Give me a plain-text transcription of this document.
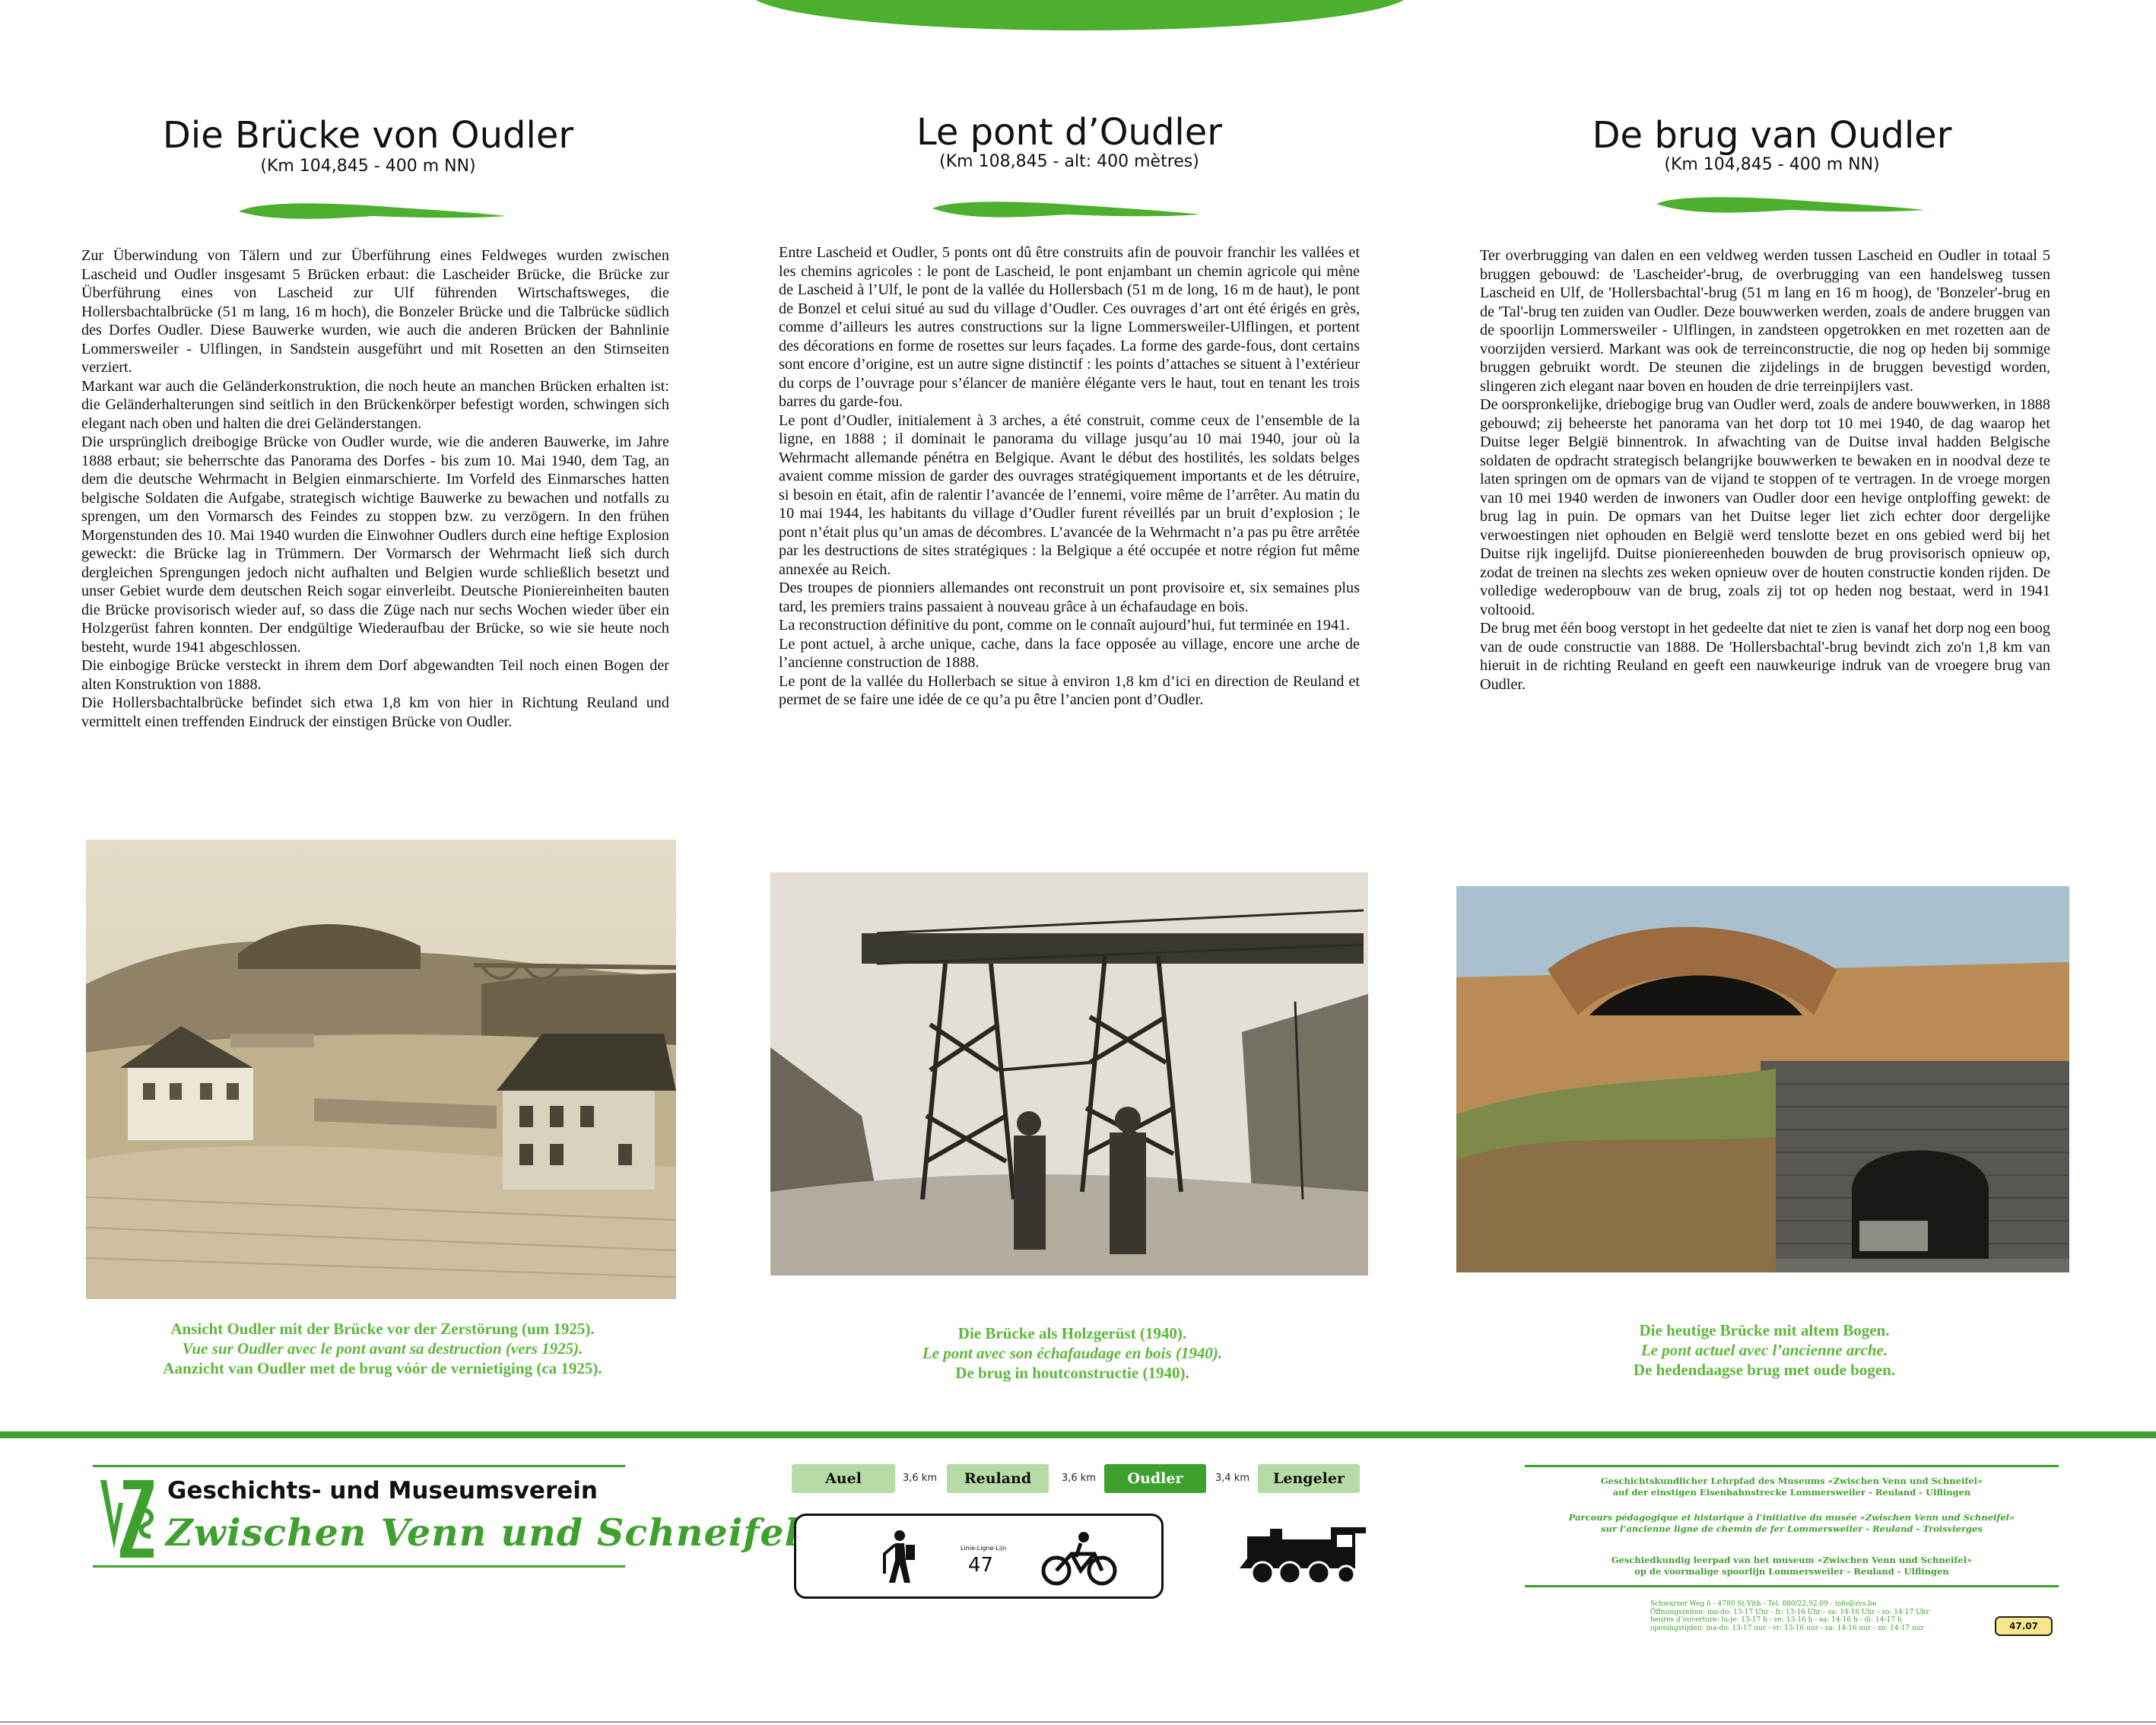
Die Brücke von Oudler
(Km 104,845 - 400 m NN)

Zur Überwindung von Tälern und zur Überführung eines Feldweges wurden zwischen Lascheid und Oudler insgesamt 5 Brücken erbaut: die Lascheider Brücke, die Brücke zur Überführung eines von Lascheid zur Ulf führenden Wirtschaftsweges, die Hollersbachtalbrücke (51 m lang, 16 m hoch), die Bonzeler Brücke und die Talbrücke südlich des Dorfes Oudler. Diese Bauwerke wurden, wie auch die anderen Brücken der Bahnlinie Lommersweiler - Ulflingen, in Sandstein ausgeführt und mit Rosetten an den Stirnseiten verziert.

Markant war auch die Geländerkonstruktion, die noch heute an manchen Brücken erhalten ist: die Geländerhalterungen sind seitlich in den Brückenkörper befestigt worden, schwingen sich elegant nach oben und halten die drei Geländerstangen.

Die ursprünglich dreibogige Brücke von Oudler wurde, wie die anderen Bauwerke, im Jahre 1888 erbaut; sie beherrschte das Panorama des Dorfes - bis zum 10. Mai 1940, dem Tag, an dem die deutsche Wehrmacht in Belgien einmarschierte. Im Vorfeld des Einmarsches hatten belgische Soldaten die Aufgabe, strategisch wichtige Bauwerke zu bewachen und notfalls zu sprengen, um den Vormarsch des Feindes zu stoppen bzw. zu verzögern. In den frühen Morgenstunden des 10. Mai 1940 wurden die Einwohner Oudlers durch eine heftige Explosion geweckt: die Brücke lag in Trümmern. Der Vormarsch der Wehrmacht ließ sich durch dergleichen Sprengungen jedoch nicht aufhalten und Belgien wurde schließlich besetzt und unser Gebiet wurde dem deutschen Reich sogar einverleibt. Deutsche Pioniereinheiten bauten die Brücke provisorisch wieder auf, so dass die Züge nach nur sechs Wochen wieder über ein Holzgerüst fahren konnten. Der endgültige Wiederaufbau der Brücke, so wie sie heute noch besteht, wurde 1941 abgeschlossen.

Die einbogige Brücke versteckt in ihrem dem Dorf abgewandten Teil noch einen Bogen der alten Konstruktion von 1888.

Die Hollersbachtalbrücke befindet sich etwa 1,8 km von hier in Richtung Reuland und vermittelt einen treffenden Eindruck der einstigen Brücke von Oudler.

Ansicht Oudler mit der Brücke vor der Zerstörung (um 1925).
Vue sur Oudler avec le pont avant sa destruction (vers 1925).
Aanzicht van Oudler met de brug vóór de vernietiging (ca 1925).
Le pont d’Oudler
(Km 108,845 - alt: 400 mètres)

Entre Lascheid et Oudler, 5 ponts ont dû être construits afin de pouvoir franchir les vallées et les chemins agricoles : le pont de Lascheid, le pont enjambant un chemin agricole qui mène de Lascheid à l’Ulf, le pont de la vallée du Hollersbach (51 m de long, 16 m de haut), le pont de Bonzel et celui situé au sud du village d’Oudler. Ces ouvrages d’art ont été érigés en grès, comme d’ailleurs les autres constructions sur la ligne Lommersweiler-Ulflingen, et portent des décorations en forme de rosettes sur leurs façades. La forme des garde-fous, dont certains sont encore d’origine, est un autre signe distinctif : les points d’attaches se situent à l’extérieur du corps de l’ouvrage pour s’élancer de manière élégante vers le haut, tout en tenant les trois barres du garde-fou.

Le pont d’Oudler, initialement à 3 arches, a été construit, comme ceux de l’ensemble de la ligne, en 1888 ; il dominait le panorama du village jusqu’au 10 mai 1940, jour où la Wehrmacht allemande pénétra en Belgique. Avant le début des hostilités, les soldats belges avaient comme mission de garder des ouvrages stratégiquement importants et de les détruire, si besoin en était, afin de ralentir l’avancée de l’ennemi, voire même de l’arrêter. Au matin du 10 mai 1944, les habitants du village d’Oudler furent réveillés par un bruit d’explosion ; le pont n’était plus qu’un amas de décombres. L’avancée de la Wehrmacht n’a pas pu être arrêtée par les destructions de sites stratégiques : la Belgique a été occupée et notre région fut même annexée au Reich.

Des troupes de pionniers allemandes ont reconstruit un pont provisoire et, six semaines plus tard, les premiers trains passaient à nouveau grâce à un échafaudage en bois.

La reconstruction définitive du pont, comme on le connaît aujourd’hui, fut terminée en 1941.

Le pont actuel, à arche unique, cache, dans la face opposée au village, encore une arche de l’ancienne construction de 1888.

Le pont de la vallée du Hollerbach se situe à environ 1,8 km d’ici en direction de Reuland et permet de se faire une idée de ce qu’a pu être l’ancien pont d’Oudler.

Die Brücke als Holzgerüst (1940).
Le pont avec son échafaudage en bois (1940).
De brug in houtconstructie (1940).
De brug van Oudler
(Km 104,845 - 400 m NN)

Ter overbrugging van dalen en een veldweg werden tussen Lascheid en Oudler in totaal 5 bruggen gebouwd: de 'Lascheider'-brug, de overbrugging van een handelsweg tussen Lascheid en Ulf, de 'Hollersbachtal'-brug (51 m lang en 16 m hoog), de 'Bonzeler'-brug en de 'Tal'-brug ten zuiden van Oudler. Deze bouwwerken werden, zoals de andere bruggen van de spoorlijn Lommersweiler - Ulflingen, in zandsteen opgetrokken en met rozetten aan de voorzijden versierd. Markant was ook de terreinconstructie, die nog op heden bij sommige bruggen gebruikt wordt. De steunen die zijdelings in de bruggen bevestigd worden, slingeren zich elegant naar boven en houden de drie terreinpijlers vast.

De oorspronkelijke, driebogige brug van Oudler werd, zoals de andere bouwwerken, in 1888 gebouwd; zij beheerste het panorama van het dorp tot 10 mei 1940, de dag waarop het Duitse leger België binnentrok. In afwachting van de Duitse inval hadden Belgische soldaten de opdracht strategisch belangrijke bouwwerken te bewaken en in noodval deze te laten springen om de opmars van de vijand te stoppen of te vertragen. In de vroege morgen van 10 mei 1940 werden de inwoners van Oudler door een hevige ontploffing gewekt: de brug lag in puin. De opmars van het Duitse leger liet zich echter door dergelijke verwoestingen niet ophouden en België werd tenslotte bezet en ons gebied werd bij het Duitse rijk ingelijfd. Duitse pioniereenheden bouwden de brug provisorisch opnieuw op, zodat de treinen na slechts zes weken opnieuw over de houten constructie konden rijden. De volledige wederopbouw van de brug, zoals zij tot op heden nog bestaat, werd in 1941 voltooid.

De brug met één boog verstopt in het gedeelte dat niet te zien is vanaf het dorp nog een boog van de oude constructie van 1888. De 'Hollersbachtal'-brug bevindt zich zo'n 1,8 km van hieruit in de richting Reuland en geeft een nauwkeurige indruk van de vroegere brug van Oudler.

Die heutige Brücke mit altem Bogen.
Le pont actuel avec l’ancienne arche.
De hedendaagse brug met oude bogen.
Geschichts- und Museumsverein
Zwischen Venn und Schneifel
Auel	3,6 km	Reuland	3,6 km	Oudler	3,4 km	Lengeler
Linie-Ligne-Lijn
47
Geschichtskundlicher Lehrpfad des Museums «Zwischen Venn und Schneifel»
auf der einstigen Eisenbahnstrecke Lommersweiler - Reuland - Ulflingen
Parcours pédagogique et historique à l’initiative du musée «Zwischen Venn und Schneifel»
sur l’ancienne ligne de chemin de fer Lommersweiler - Reuland - Troisvierges
Geschiedkundig leerpad van het museum «Zwischen Venn und Schneifel»
op de voormalige spoorlijn Lommersweiler - Reuland - Ulflingen
Schwarzer Weg 6 - 4780 St.Vith - Tel. 080/22.92.09 - info@zvs.be
Öffnungszeiten: mo-do: 13-17 Uhr - fr: 13-16 Uhr - sa: 14-16 Uhr - so: 14-17 Uhr
heures d’ouverture: lu-je: 13-17 h - ve: 13-16 h - sa: 14-16 h - di: 14-17 h
openingstijden: ma-do: 13-17 uur - vr: 13-16 uur - za: 14-16 uur - zo: 14-17 uur	47.07
